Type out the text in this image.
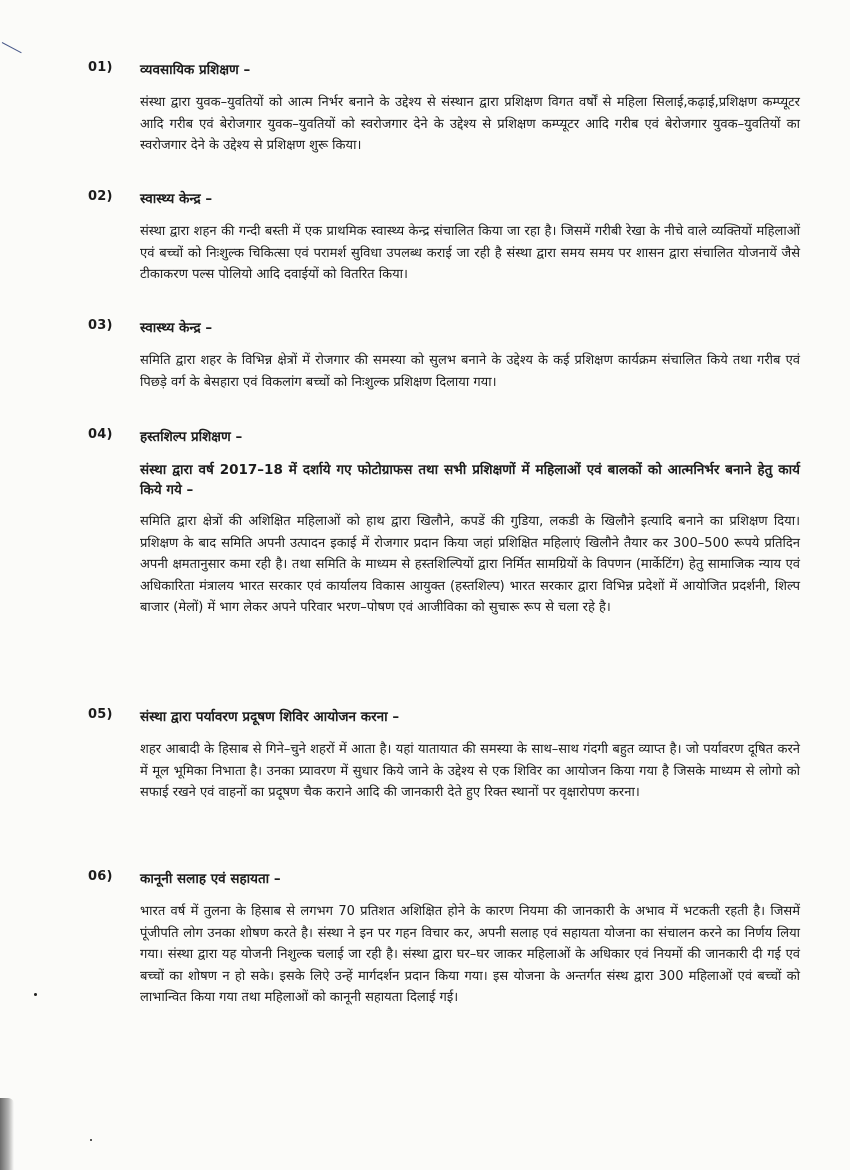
01) व्यवसायिक प्रशिक्षण –
संस्था द्वारा युवक–युवतियों को आत्म निर्भर बनाने के उद्देश्य से संस्थान द्वारा प्रशिक्षण विगत वर्षों से महिला सिलाई,कढ़ाई,प्रशिक्षण कम्प्यूटर आदि गरीब एवं बेरोजगार युवक–युवतियों को स्वरोजगार देने के उद्देश्य से प्रशिक्षण कम्प्यूटर आदि गरीब एवं बेरोजगार युवक–युवतियों का स्वरोजगार देने के उद्देश्य से प्रशिक्षण शुरू किया।
02) स्वास्थ्य केन्द्र –
संस्था द्वारा शहन की गन्दी बस्ती में एक प्राथमिक स्वास्थ्य केन्द्र संचालित किया जा रहा है। जिसमें गरीबी रेखा के नीचे वाले व्यक्तियों महिलाओं एवं बच्चों को निःशुल्क चिकित्सा एवं परामर्श सुविधा उपलब्ध कराई जा रही है संस्था द्वारा समय समय पर शासन द्वारा संचालित योजनायें जैसे टीकाकरण पल्स पोलियो आदि दवाईयों को वितरित किया।
03) स्वास्थ्य केन्द्र –
समिति द्वारा शहर के विभिन्न क्षेत्रों में रोजगार की समस्या को सुलभ बनाने के उद्देश्य के कई प्रशिक्षण कार्यक्रम संचालित किये तथा गरीब एवं पिछड़े वर्ग के बेसहारा एवं विकलांग बच्चों को निःशुल्क प्रशिक्षण दिलाया गया।
04) हस्तशिल्प प्रशिक्षण –
संस्था द्वारा वर्ष 2017–18 में दर्शाये गए फोटोग्राफस तथा सभी प्रशिक्षणों में महिलाओं एवं बालकों को आत्मनिर्भर बनाने हेतु कार्य किये गये –
समिति द्वारा क्षेत्रों की अशिक्षित महिलाओं को हाथ द्वारा खिलौने, कपडें की गुडिया, लकडी के खिलौने इत्यादि बनाने का प्रशिक्षण दिया। प्रशिक्षण के बाद समिति अपनी उत्पादन इकाई में रोजगार प्रदान किया जहां प्रशिक्षित महिलाएं खिलौने तैयार कर 300–500 रूपये प्रतिदिन अपनी क्षमतानुसार कमा रही है। तथा समिति के माध्यम से हस्तशिल्पियों द्वारा निर्मित सामग्रियों के विपणन (मार्केटिंग) हेतु सामाजिक न्याय एवं अधिकारिता मंत्रालय भारत सरकार एवं कार्यालय विकास आयुक्त (हस्तशिल्प) भारत सरकार द्वारा विभिन्न प्रदेशों में आयोजित प्रदर्शनी, शिल्प बाजार (मेलों) में भाग लेकर अपने परिवार भरण–पोषण एवं आजीविका को सुचारू रूप से चला रहे है।
05) संस्था द्वारा पर्यावरण प्रदूषण शिविर आयोजन करना –
शहर आबादी के हिसाब से गिने–चुने शहरों में आता है। यहां यातायात की समस्या के साथ–साथ गंदगी बहुत व्याप्त है। जो पर्यावरण दूषित करने में मूल भूमिका निभाता है। उनका प्र्यावरण में सुधार किये जाने के उद्देश्य से एक शिविर का आयोजन किया गया है जिसके माध्यम से लोगो को सफाई रखने एवं वाहनों का प्रदूषण चैक कराने आदि की जानकारी देते हुए रिक्त स्थानों पर वृक्षारोपण करना।
06) कानूनी सलाह एवं सहायता –
भारत वर्ष में तुलना के हिसाब से लगभग 70 प्रतिशत अशिक्षित होने के कारण नियमा की जानकारी के अभाव में भटकती रहती है। जिसमें पूंजीपति लोग उनका शोषण करते है। संस्था ने इन पर गहन विचार कर, अपनी सलाह एवं सहायता योजना का संचालन करने का निर्णय लिया गया। संस्था द्वारा यह योजनी निशुल्क चलाई जा रही है। संस्था द्वारा घर–घर जाकर महिलाओं के अधिकार एवं नियमों की जानकारी दी गई एवं बच्चों का शोषण न हो सके। इसके लिऐ उन्हें मार्गदर्शन प्रदान किया गया। इस योजना के अन्तर्गत संस्थ द्वारा 300 महिलाओं एवं बच्चों को लाभान्वित किया गया तथा महिलाओं को कानूनी सहायता दिलाई गई।
